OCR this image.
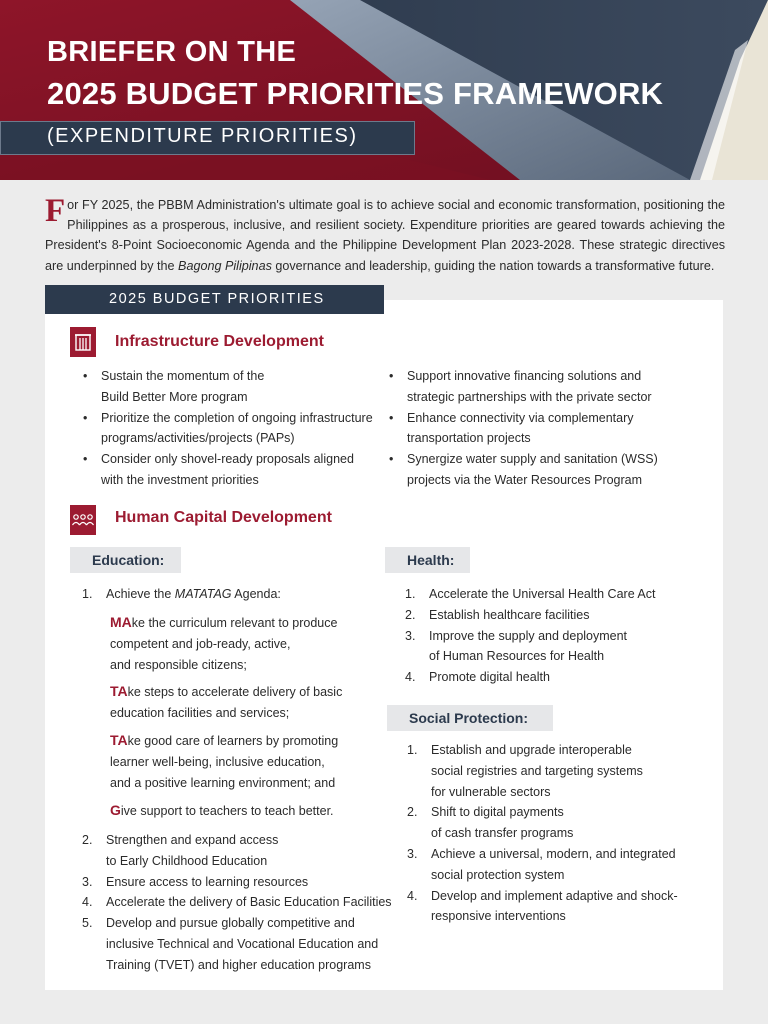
BRIEFER ON THE
2025 BUDGET PRIORITIES FRAMEWORK
(EXPENDITURE PRIORITIES)
For FY 2025, the PBBM Administration's ultimate goal is to achieve social and economic transformation, positioning the Philippines as a prosperous, inclusive, and resilient society. Expenditure priorities are geared towards achieving the President's 8-Point Socioeconomic Agenda and the Philippine Development Plan 2023-2028. These strategic directives are underpinned by the Bagong Pilipinas governance and leadership, guiding the nation towards a transformative future.
2025 BUDGET PRIORITIES
Infrastructure Development
• Sustain the momentum of the
Build Better More program
• Prioritize the completion of ongoing infrastructure
programs/activities/projects (PAPs)
• Consider only shovel-ready proposals aligned
with the investment priorities
• Support innovative financing solutions and
strategic partnerships with the private sector
• Enhance connectivity via complementary
transportation projects
• Synergize water supply and sanitation (WSS)
projects via the Water Resources Program
Human Capital Development
Education:
1. Achieve the MATATAG Agenda:
MAke the curriculum relevant to produce
competent and job-ready, active,
and responsible citizens;
TAke steps to accelerate delivery of basic
education facilities and services;
TAke good care of learners by promoting
learner well-being, inclusive education,
and a positive learning environment; and
Give support to teachers to teach better.
2. Strengthen and expand access
to Early Childhood Education
3. Ensure access to learning resources
4. Accelerate the delivery of Basic Education Facilities
5. Develop and pursue globally competitive and
inclusive Technical and Vocational Education and
Training (TVET) and higher education programs
Health:
1. Accelerate the Universal Health Care Act
2. Establish healthcare facilities
3. Improve the supply and deployment
of Human Resources for Health
4. Promote digital health
Social Protection:
1. Establish and upgrade interoperable
social registries and targeting systems
for vulnerable sectors
2. Shift to digital payments
of cash transfer programs
3. Achieve a universal, modern, and integrated
social protection system
4. Develop and implement adaptive and shock-
responsive interventions
